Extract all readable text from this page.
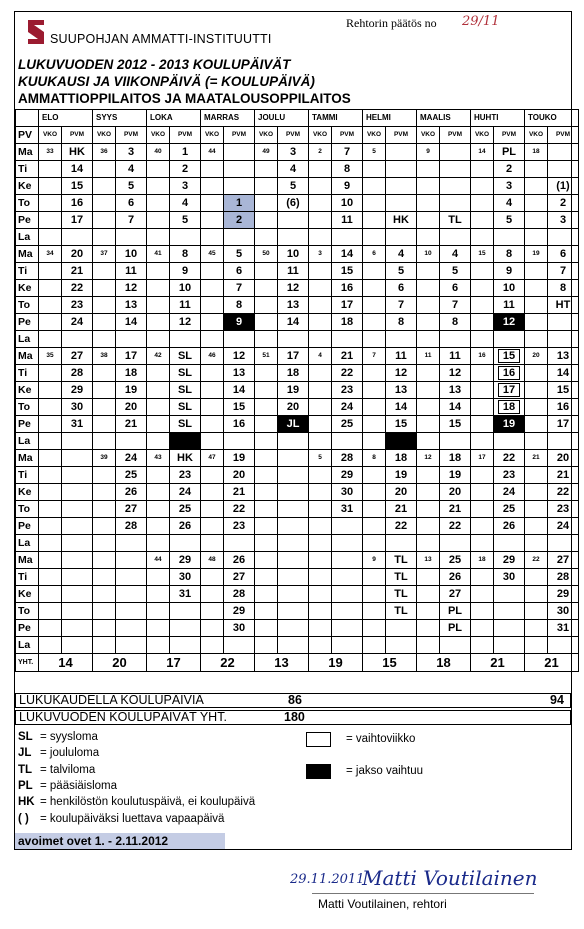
SUUPOHJAN AMMATTI-INSTITUUTTI
Rehtorin päätös no 29/11
LUKUVUODEN 2012 - 2013 KOULUPÄIVÄT
KUUKAUSI JA VIIKONPÄIVÄ (= KOULUPÄIVÄ)
AMMATTIOPPILAITOS JA MAATALOUSOPPILAITOS
	ELO		SYYS		LOKA		MARRAS		JOULU		TAMMI		HELMI		MAALIS		HUHTI		TOUKO	
PV	VKO	PVM	VKO	PVM	VKO	PVM	VKO	PVM	VKO	PVM	VKO	PVM	VKO	PVM	VKO	PVM	VKO	PVM	VKO	PVM
Ma	33	HK	36	3	40	1	44		49	3	2	7	5		9		14	PL	18	
Ti		14		4		2				4		8						2		
Ke		15		5		3				5		9						3		(1)
To		16		6		4		1		(6)		10						4		2
Pe		17		7		5		2				11		HK		TL		5		3
La																				
Ma	34	20	37	10	41	8	45	5	50	10	3	14	6	4	10	4	15	8	19	6
Ti		21		11		9		6		11		15		5		5		9		7
Ke		22		12		10		7		12		16		6		6		10		8
To		23		13		11		8		13		17		7		7		11		HT
Pe		24		14		12		9		14		18		8		8		12		
La																				
Ma	35	27	38	17	42	SL	46	12	51	17	4	21	7	11	11	11	16	15	20	13
Ti		28		18		SL		13		18		22		12		12		16		14
Ke		29		19		SL		14		19		23		13		13		17		15
To		30		20		SL		15		20		24		14		14		18		16
Pe		31		21		SL		16		JL		25		15		15		19		17
La																				
Ma			39	24	43	HK	47	19			5	28	8	18	12	18	17	22	21	20
Ti				25		23		20				29		19		19		23		21
Ke				26		24		21				30		20		20		24		22
To				27		25		22				31		21		21		25		23
Pe				28		26		23						22		22		26		24
La																				
Ma					44	29	48	26					9	TL	13	25	18	29	22	27
Ti						30		27						TL		26		30		28
Ke						31		28						TL		27				29
To								29						TL		PL				30
Pe								30								PL				31
La																				
YHT.	14		20		17		22		13		19		15		18		21		21	
LUKUKAUDELLA KOULUPÄIVIÄ	86	94
LUKUVUODEN KOULUPÄIVÄT YHT.	180
SL = syysloma
JL = joululoma
TL = talviloma
PL = pääsiäisloma
HK = henkilöstön koulutuspäivä, ei koulupäivä
( ) = koulupäiväksi luettava vapaapäivä
= vaihtoviikko
= jakso vaihtuu
avoimet ovet 1. - 2.11.2012
29.11.2011
Matti Voutilainen
Matti Voutilainen, rehtori
